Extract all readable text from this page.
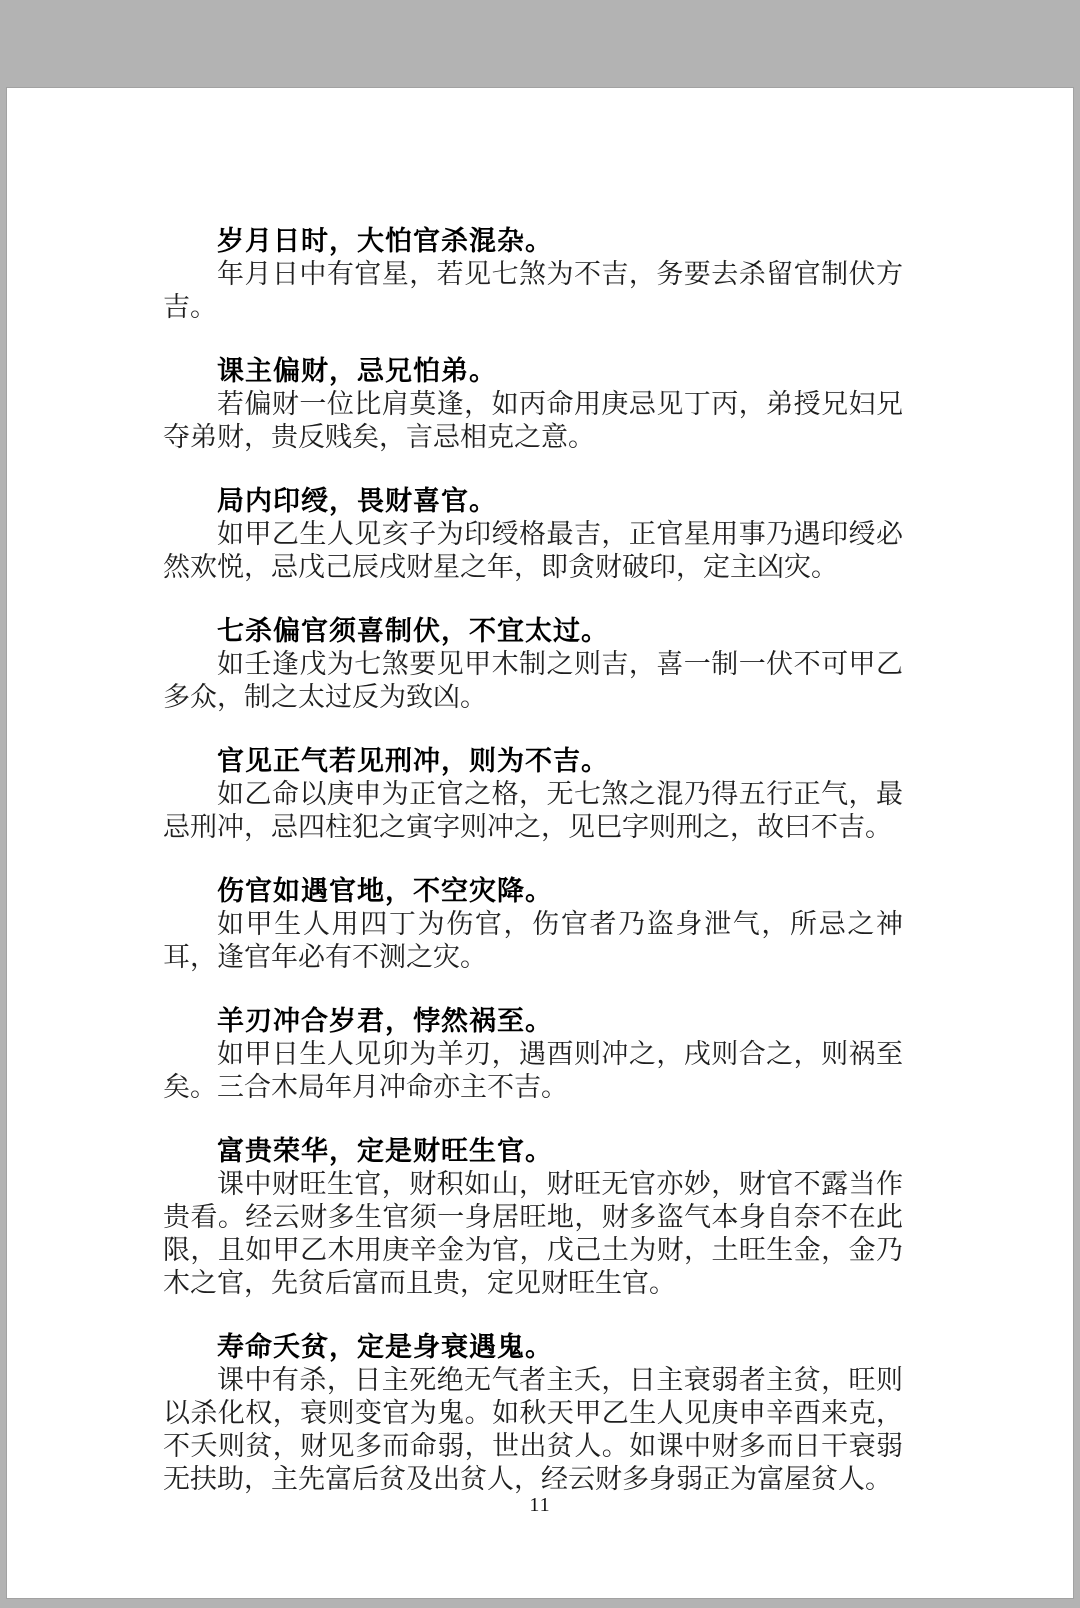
岁月日时，大怕官杀混杂。

年月日中有官星，若见七煞为不吉，务要去杀留官制伏方吉。

课主偏财，忌兄怕弟。

若偏财一位比肩莫逢，如丙命用庚忌见丁丙，弟授兄妇兄夺弟财，贵反贱矣，言忌相克之意。

局内印绶，畏财喜官。

如甲乙生人见亥子为印绶格最吉，正官星用事乃遇印绶必然欢悦，忌戊己辰戌财星之年，即贪财破印，定主凶灾。

七杀偏官须喜制伏，不宜太过。

如壬逢戊为七煞要见甲木制之则吉，喜一制一伏不可甲乙多众，制之太过反为致凶。

官见正气若见刑冲，则为不吉。

如乙命以庚申为正官之格，无七煞之混乃得五行正气，最忌刑冲，忌四柱犯之寅字则冲之，见巳字则刑之，故曰不吉。

伤官如遇官地，不空灾降。

如甲生人用四丁为伤官，伤官者乃盗身泄气，所忌之神耳，逢官年必有不测之灾。

羊刃冲合岁君，悖然祸至。

如甲日生人见卯为羊刃，遇酉则冲之，戌则合之，则祸至矣。三合木局年月冲命亦主不吉。

富贵荣华，定是财旺生官。

课中财旺生官，财积如山，财旺无官亦妙，财官不露当作贵看。经云财多生官须一身居旺地，财多盗气本身自奈不在此限，且如甲乙木用庚辛金为官，戊己土为财，土旺生金，金乃木之官，先贫后富而且贵，定见财旺生官。

寿命夭贫，定是身衰遇鬼。

课中有杀，日主死绝无气者主夭，日主衰弱者主贫，旺则以杀化权，衰则变官为鬼。如秋天甲乙生人见庚申辛酉来克，不夭则贫，财见多而命弱，世出贫人。如课中财多而日干衰弱无扶助，主先富后贫及出贫人，经云财多身弱正为富屋贫人。

11
